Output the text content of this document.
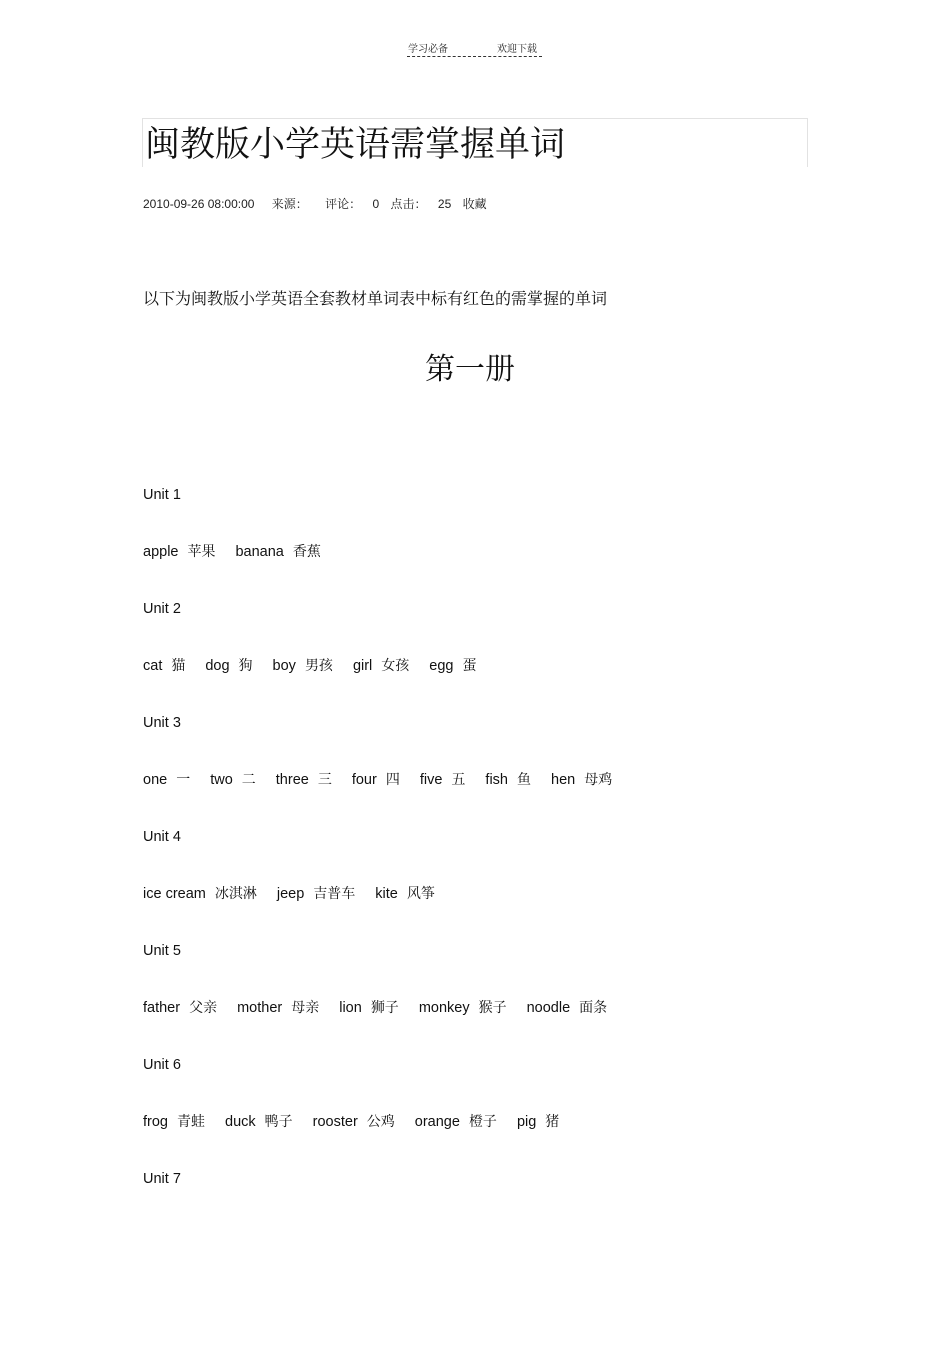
学习必备	欢迎下载
闽教版小学英语需掌握单词
2010-09-26 08:00:00 来源： 评论： 0 点击： 25 收藏
以下为闽教版小学英语全套教材单词表中标有红色的需掌握的单词
第一册
Unit 1
apple 苹果 banana 香蕉
Unit 2
cat 猫 dog 狗 boy 男孩 girl 女孩 egg 蛋
Unit 3
one 一 two 二 three 三 four 四 five 五 fish 鱼 hen 母鸡
Unit 4
ice cream 冰淇淋 jeep 吉普车 kite 风筝
Unit 5
father 父亲 mother 母亲 lion 狮子 monkey 猴子 noodle 面条
Unit 6
frog 青蛙 duck 鸭子 rooster 公鸡 orange 橙子 pig 猪
Unit 7
